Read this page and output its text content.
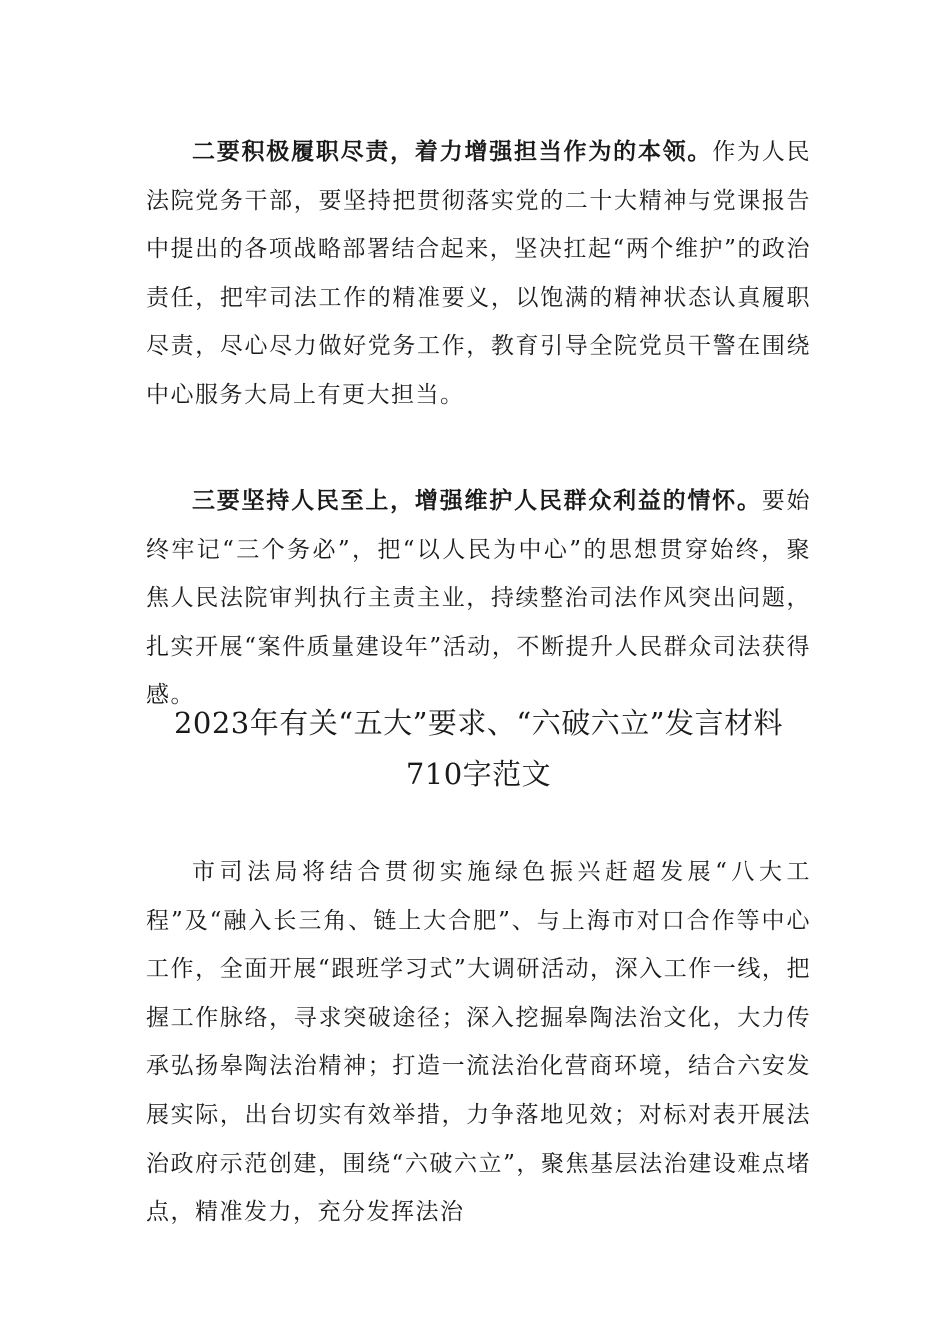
二要积极履职尽责，着力增强担当作为的本领。作为人民法院党务干部，要坚持把贯彻落实党的二十大精神与党课报告中提出的各项战略部署结合起来，坚决扛起“两个维护”的政治责任，把牢司法工作的精准要义，以饱满的精神状态认真履职尽责，尽心尽力做好党务工作，教育引导全院党员干警在围绕中心服务大局上有更大担当。

三要坚持人民至上，增强维护人民群众利益的情怀。要始终牢记“三个务必”，把“以人民为中心”的思想贯穿始终，聚焦人民法院审判执行主责主业，持续整治司法作风突出问题，扎实开展“案件质量建设年”活动，不断提升人民群众司法获得感。

2023年有关“五大”要求、“六破六立”发言材料
710字范文

市司法局将结合贯彻实施绿色振兴赶超发展“八大工程”及“融入长三角、链上大合肥”、与上海市对口合作等中心工作，全面开展“跟班学习式”大调研活动，深入工作一线，把握工作脉络，寻求突破途径；深入挖掘皋陶法治文化，大力传承弘扬皋陶法治精神；打造一流法治化营商环境，结合六安发展实际，出台切实有效举措，力争落地见效；对标对表开展法治政府示范创建，围绕“六破六立”，聚焦基层法治建设难点堵点，精准发力，充分发挥法治
